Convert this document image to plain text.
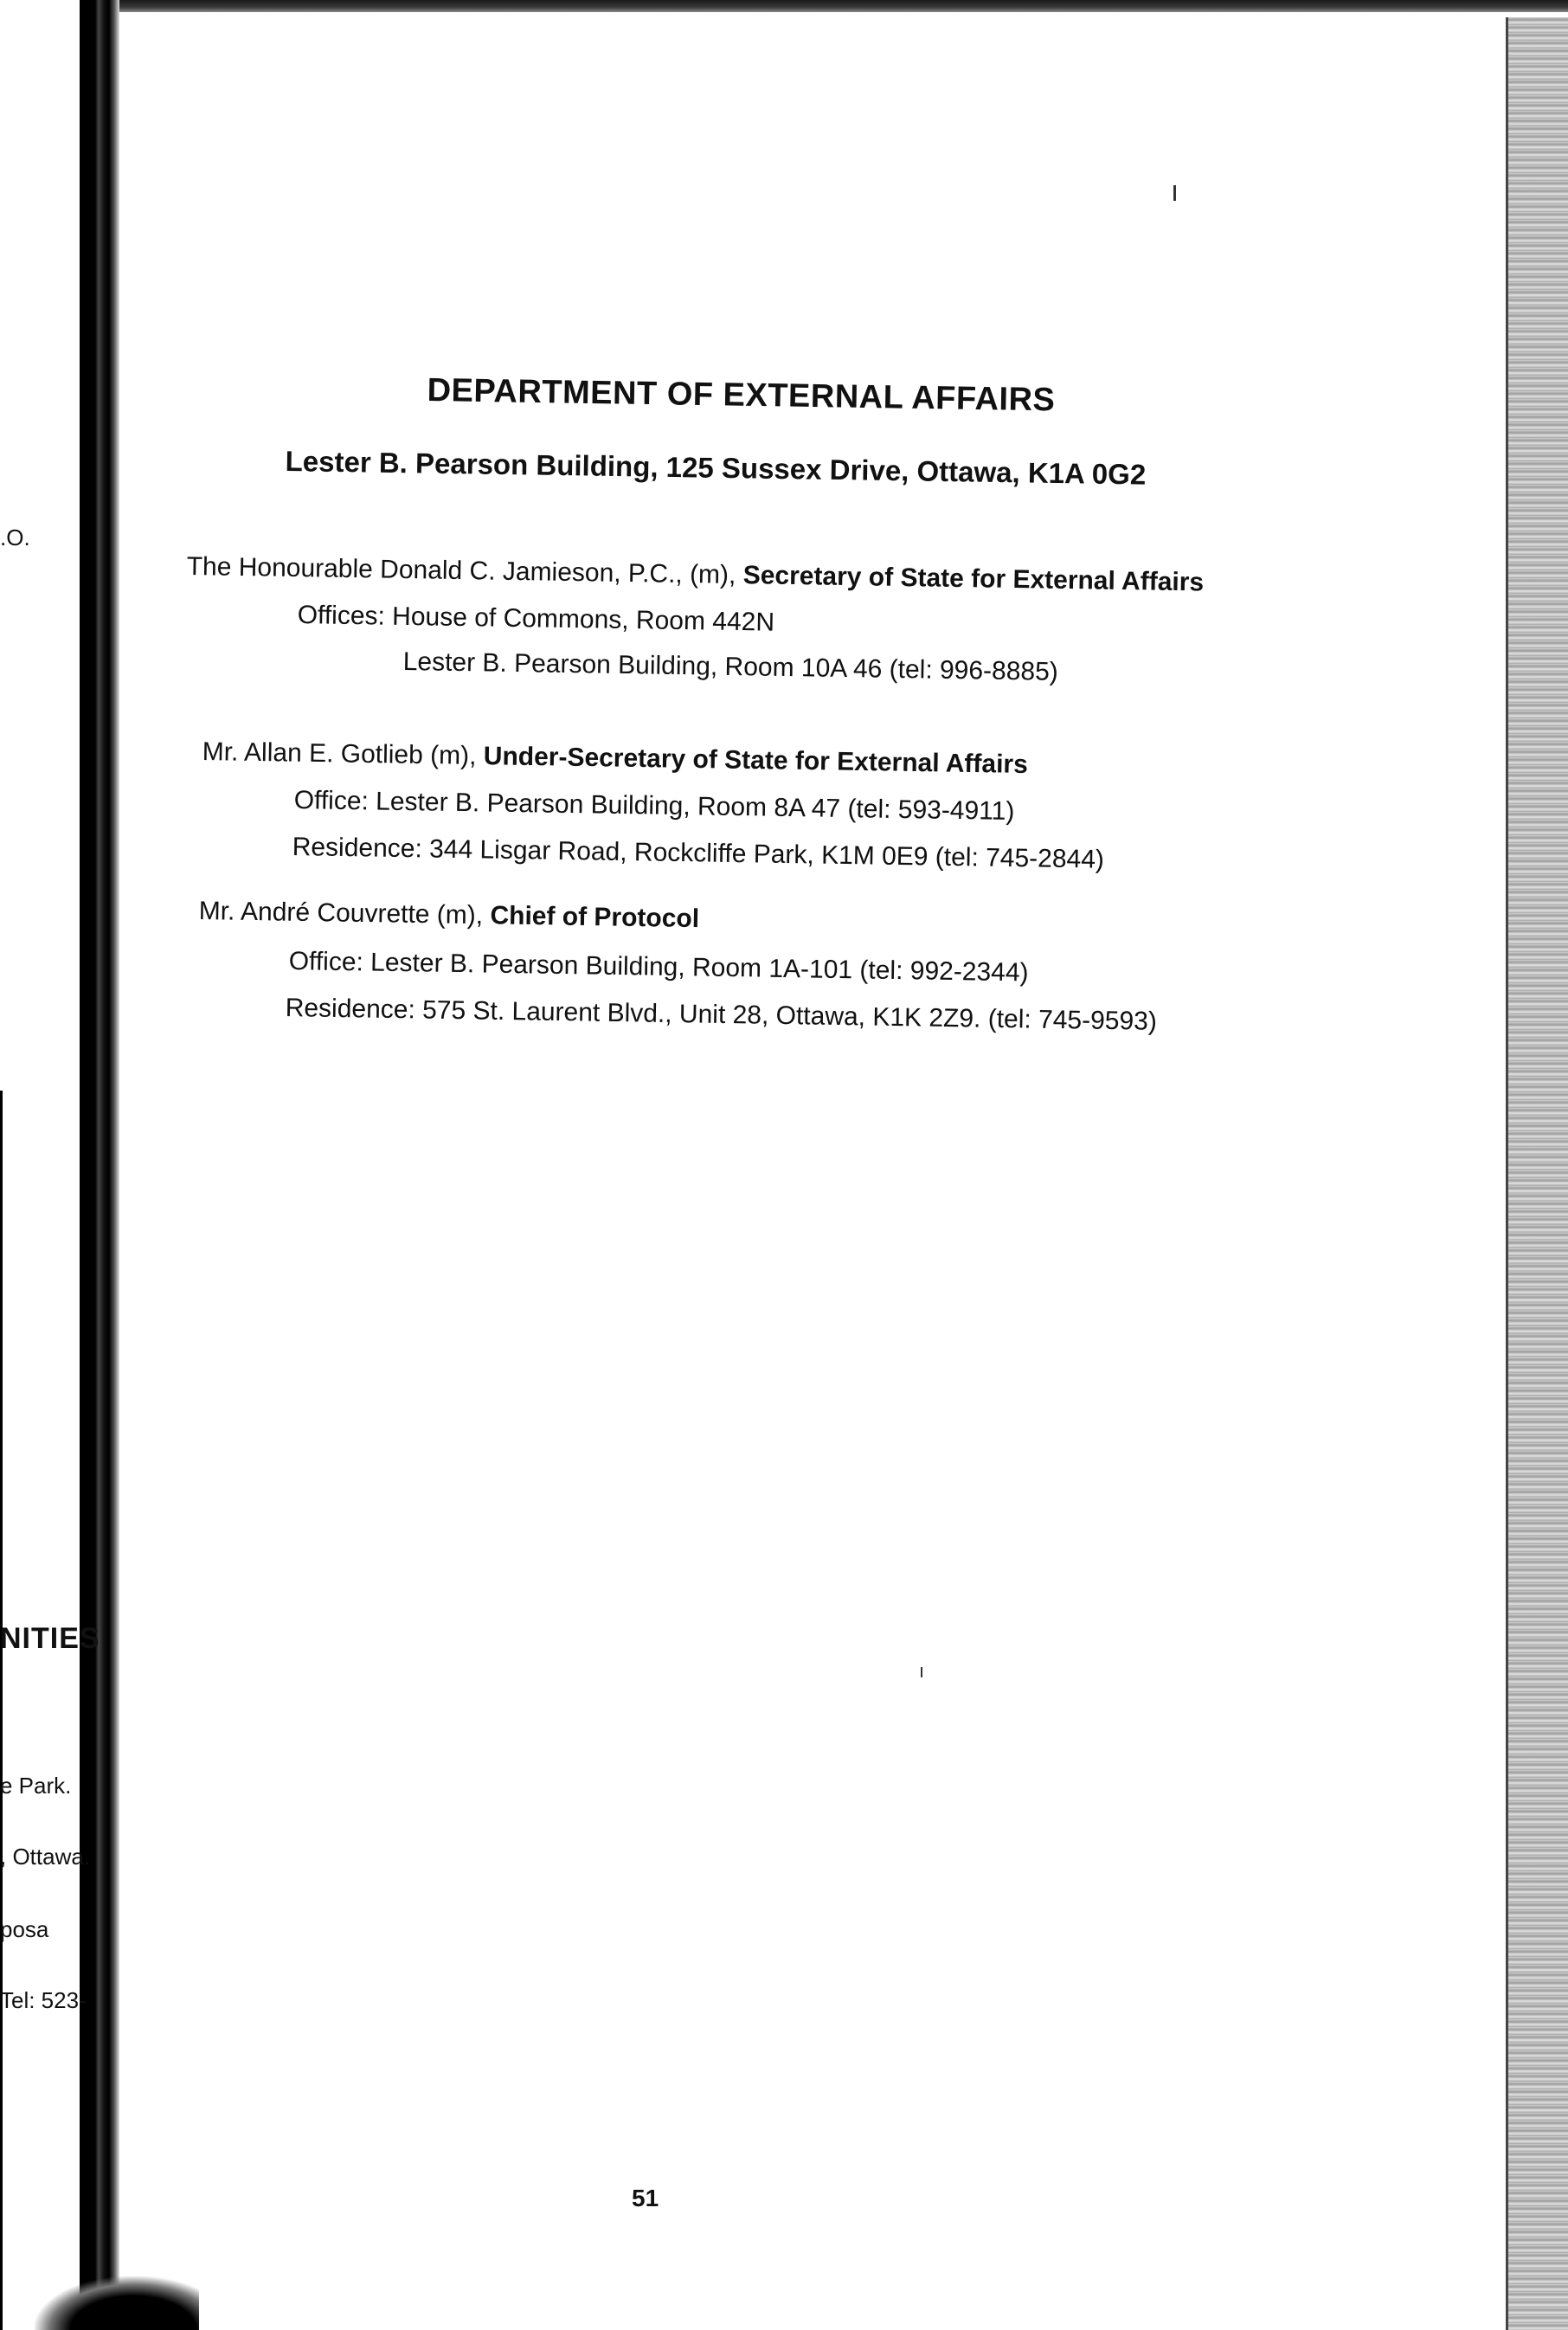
.O.
NITIES
e Park.
, Ottawa.
posa
Tel: 523-
DEPARTMENT OF EXTERNAL AFFAIRS
Lester B. Pearson Building, 125 Sussex Drive, Ottawa, K1A 0G2
The Honourable Donald C. Jamieson, P.C., (m), Secretary of State for External Affairs
Offices: House of Commons, Room 442N
Lester B. Pearson Building, Room 10A 46 (tel: 996-8885)
Mr. Allan E. Gotlieb (m), Under-Secretary of State for External Affairs
Office: Lester B. Pearson Building, Room 8A 47 (tel: 593-4911)
Residence: 344 Lisgar Road, Rockcliffe Park, K1M 0E9 (tel: 745-2844)
Mr. André Couvrette (m), Chief of Protocol
Office: Lester B. Pearson Building, Room 1A-101 (tel: 992-2344)
Residence: 575 St. Laurent Blvd., Unit 28, Ottawa, K1K 2Z9. (tel: 745-9593)
51
